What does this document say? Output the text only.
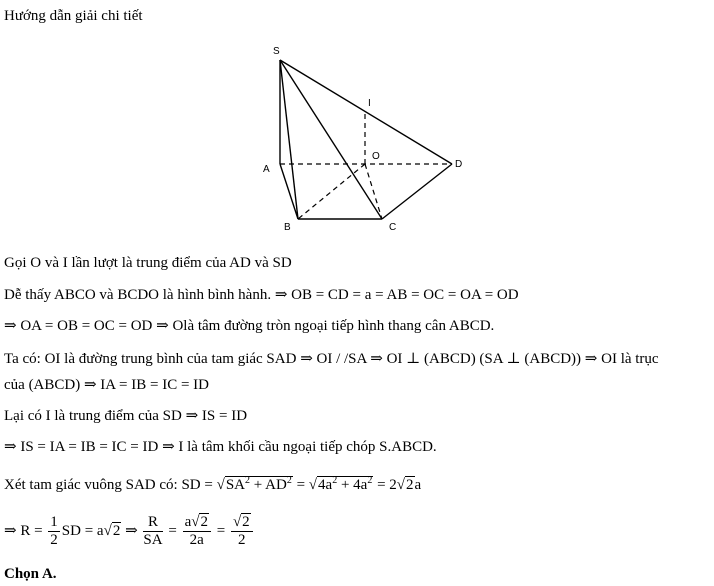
Hướng dẫn giải chi tiết
S
I
A
O
D
B	C
Gọi O và I lần lượt là trung điểm của AD và SD
Dễ thấy ABCO và BCDO là hình bình hành. ⇒ OB = CD = a = AB = OC = OA = OD
⇒ OA = OB = OC = OD ⇒ Olà tâm đường tròn ngoại tiếp hình thang cân ABCD.
Ta có: OI là đường trung bình của tam giác SAD ⇒ OI / /SA ⇒ OI ⊥ (ABCD) (SA ⊥ (ABCD)) ⇒ OI là trục
của (ABCD) ⇒ IA = IB = IC = ID
Lại có I là trung điểm của SD ⇒ IS = ID
⇒ IS = IA = IB = IC = ID ⇒ I là tâm khối cầu ngoại tiếp chóp S.ABCD.
Xét tam giác vuông SAD có: SD = $√SA^2 + AD^2 = √4a^2 + 4a^2 = 2√2a$
⇒ $R = \frac{1}{2}$ SD = a√2 ⇒ $\frac{R}{SA} = \frac{a√2}{2a} = \frac{√2}{2}$
Chọn A.
